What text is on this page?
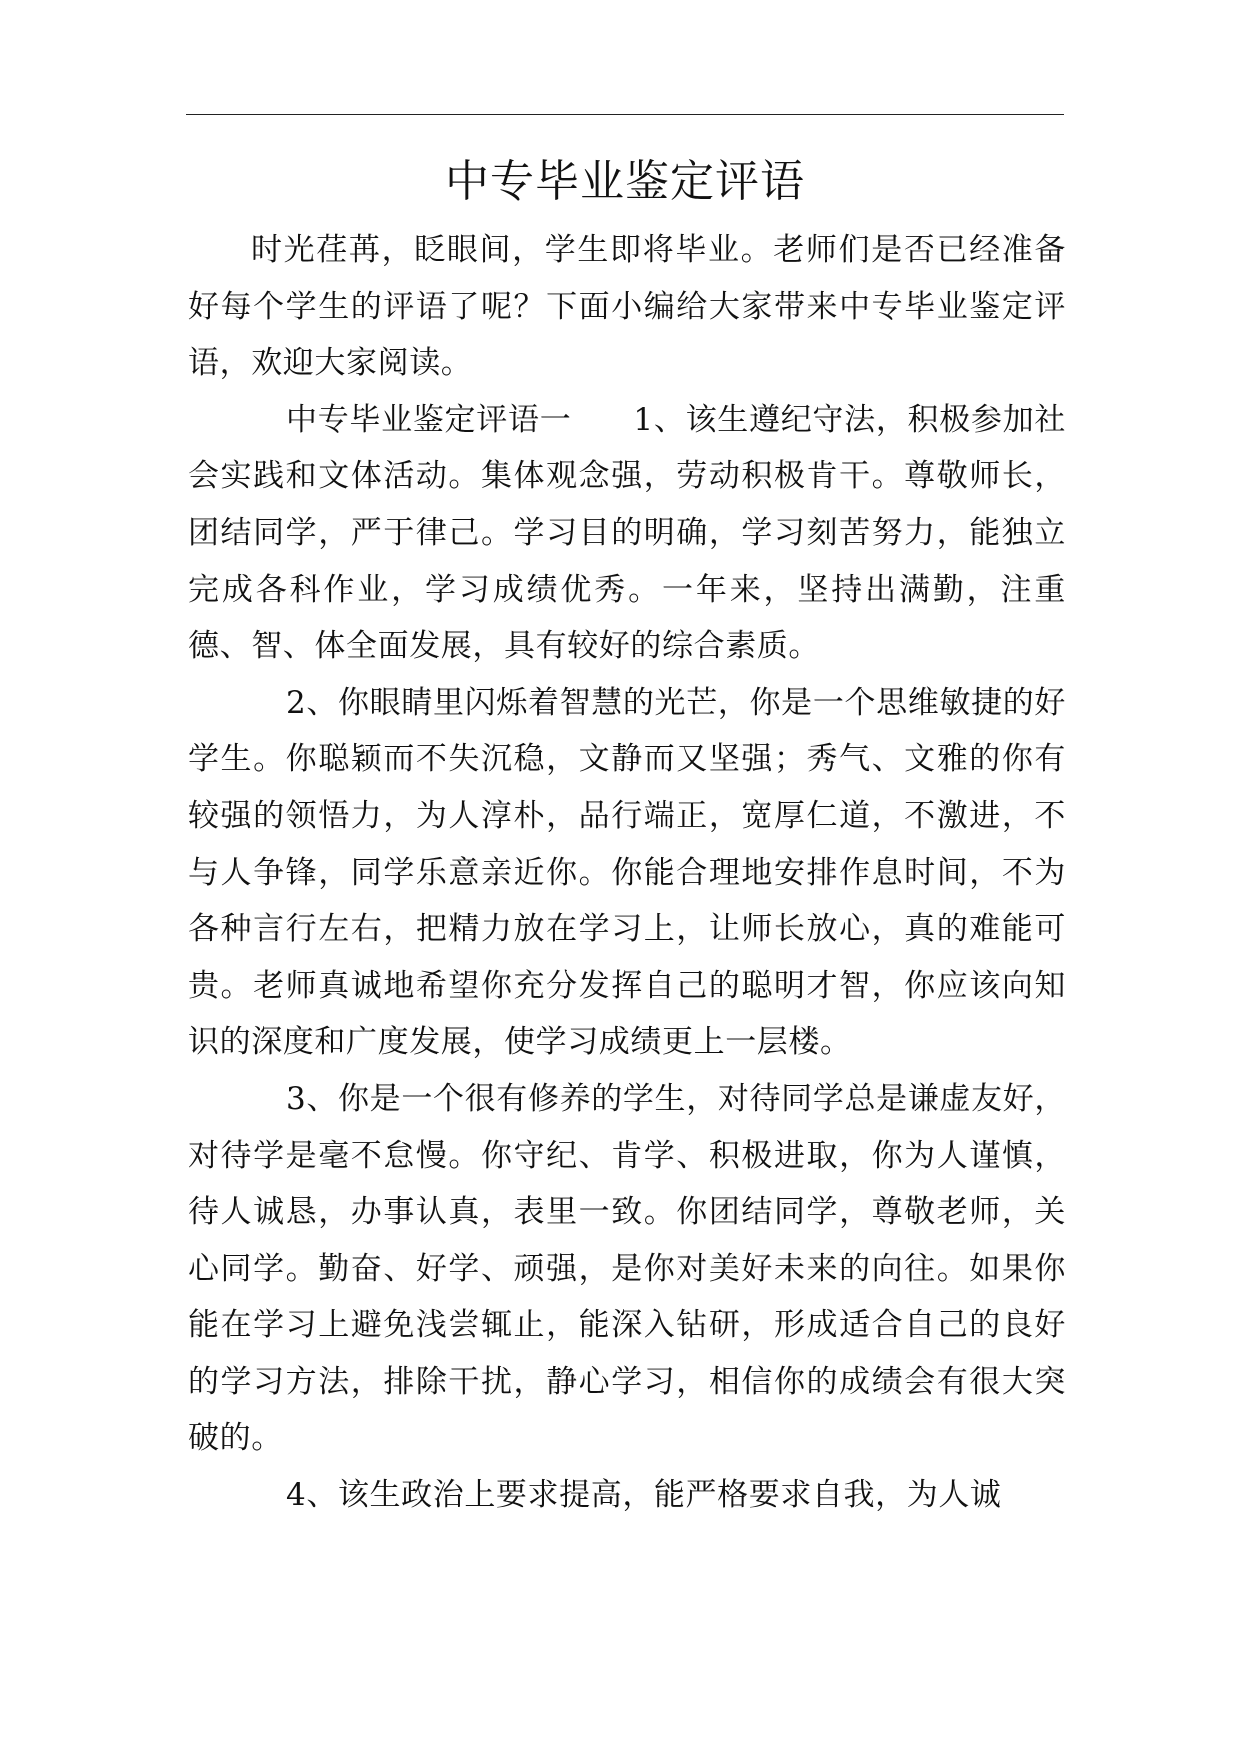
中专毕业鉴定评语

时光荏苒，眨眼间，学生即将毕业。老师们是否已经准备好每个学生的评语了呢？下面小编给大家带来中专毕业鉴定评语，欢迎大家阅读。

中专毕业鉴定评语一 1、该生遵纪守法，积极参加社会实践和文体活动。集体观念强，劳动积极肯干。尊敬师长，团结同学，严于律己。学习目的明确，学习刻苦努力，能独立完成各科作业，学习成绩优秀。一年来，坚持出满勤，注重德、智、体全面发展，具有较好的综合素质。

2、你眼睛里闪烁着智慧的光芒，你是一个思维敏捷的好学生。你聪颖而不失沉稳，文静而又坚强；秀气、文雅的你有较强的领悟力，为人淳朴，品行端正，宽厚仁道，不激进，不与人争锋，同学乐意亲近你。你能合理地安排作息时间，不为各种言行左右，把精力放在学习上，让师长放心，真的难能可贵。老师真诚地希望你充分发挥自己的聪明才智，你应该向知识的深度和广度发展，使学习成绩更上一层楼。

3、你是一个很有修养的学生，对待同学总是谦虚友好，对待学是毫不怠慢。你守纪、肯学、积极进取，你为人谨慎，待人诚恳，办事认真，表里一致。你团结同学，尊敬老师，关心同学。勤奋、好学、顽强，是你对美好未来的向往。如果你能在学习上避免浅尝辄止，能深入钻研，形成适合自己的良好的学习方法，排除干扰，静心学习，相信你的成绩会有很大突破的。

4、该生政治上要求提高，能严格要求自我，为人诚
